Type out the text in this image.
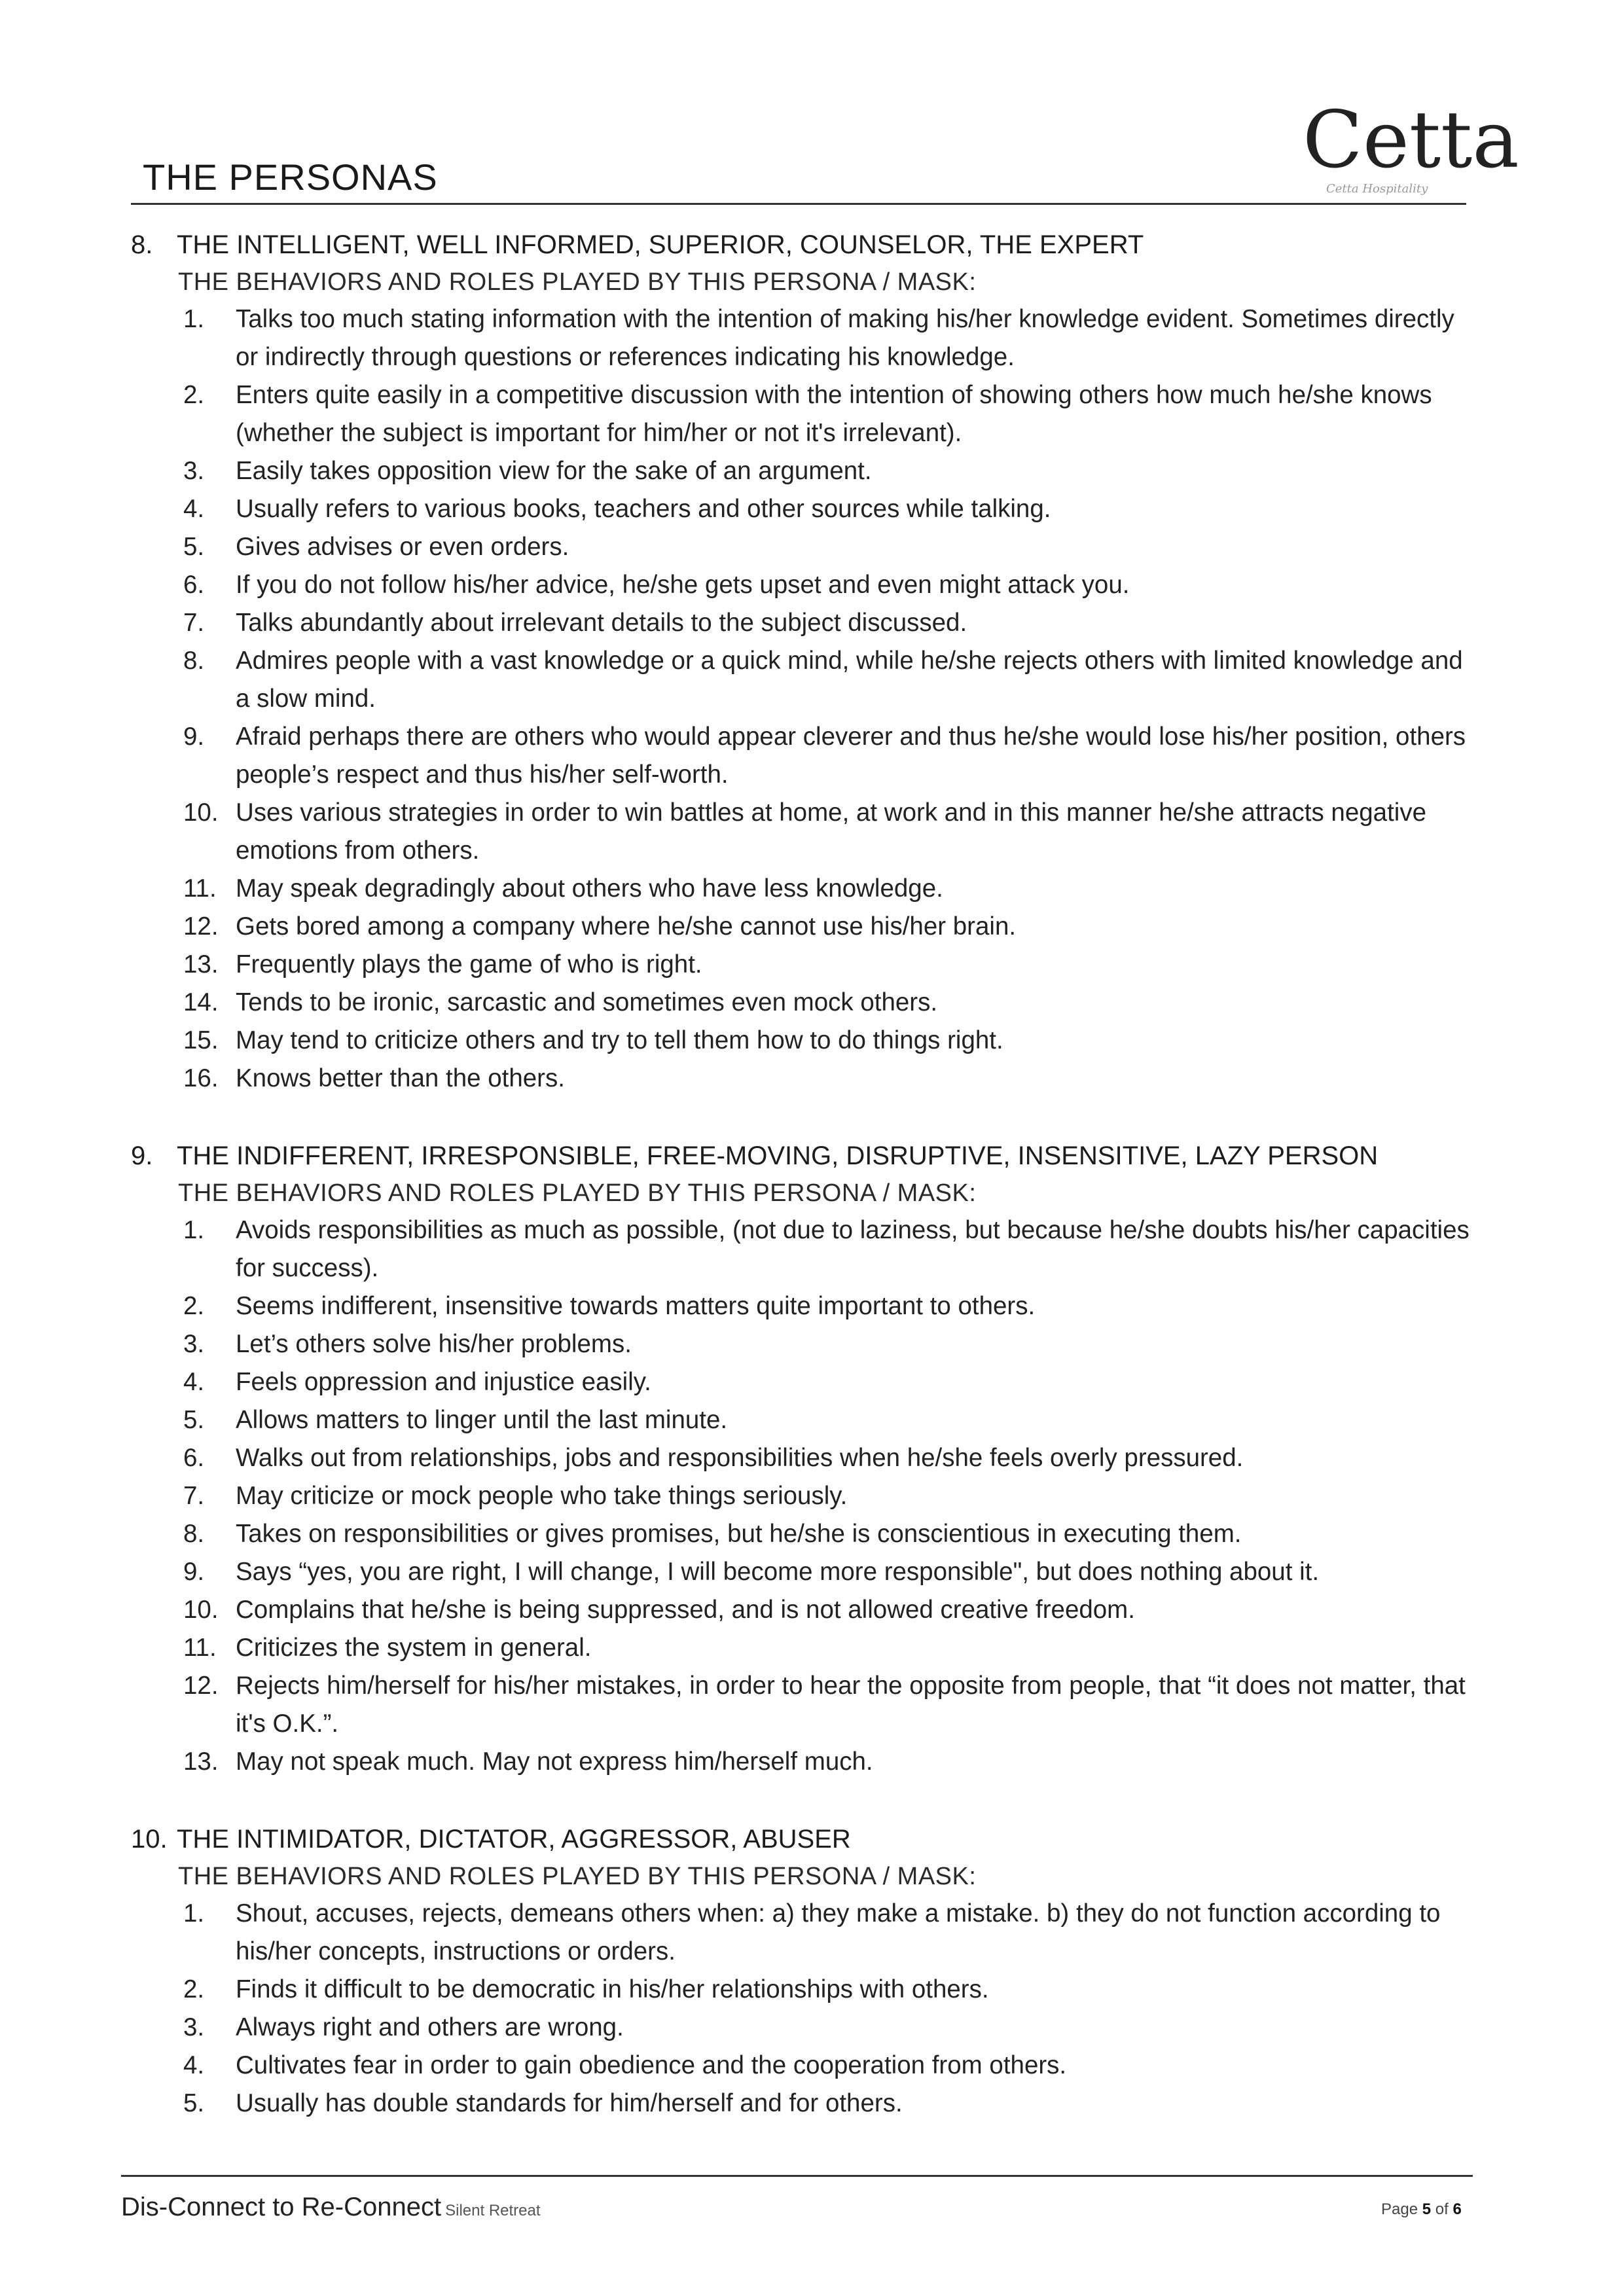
THE PERSONAS	Cetta
Cetta Hospitality
8. THE INTELLIGENT, WELL INFORMED, SUPERIOR, COUNSELOR, THE EXPERT
THE BEHAVIORS AND ROLES PLAYED BY THIS PERSONA / MASK:
1. Talks too much stating information with the intention of making his/her knowledge evident. Sometimes directly or indirectly through questions or references indicating his knowledge.
2. Enters quite easily in a competitive discussion with the intention of showing others how much he/she knows (whether the subject is important for him/her or not it's irrelevant).
3. Easily takes opposition view for the sake of an argument.
4. Usually refers to various books, teachers and other sources while talking.
5. Gives advises or even orders.
6. If you do not follow his/her advice, he/she gets upset and even might attack you.
7. Talks abundantly about irrelevant details to the subject discussed.
8. Admires people with a vast knowledge or a quick mind, while he/she rejects others with limited knowledge and a slow mind.
9. Afraid perhaps there are others who would appear cleverer and thus he/she would lose his/her position, others people’s respect and thus his/her self-worth.
10. Uses various strategies in order to win battles at home, at work and in this manner he/she attracts negative emotions from others.
11. May speak degradingly about others who have less knowledge.
12. Gets bored among a company where he/she cannot use his/her brain.
13. Frequently plays the game of who is right.
14. Tends to be ironic, sarcastic and sometimes even mock others.
15. May tend to criticize others and try to tell them how to do things right.
16. Knows better than the others.
9. THE INDIFFERENT, IRRESPONSIBLE, FREE-MOVING, DISRUPTIVE, INSENSITIVE, LAZY PERSON
THE BEHAVIORS AND ROLES PLAYED BY THIS PERSONA / MASK:
1. Avoids responsibilities as much as possible, (not due to laziness, but because he/she doubts his/her capacities for success).
2. Seems indifferent, insensitive towards matters quite important to others.
3. Let’s others solve his/her problems.
4. Feels oppression and injustice easily.
5. Allows matters to linger until the last minute.
6. Walks out from relationships, jobs and responsibilities when he/she feels overly pressured.
7. May criticize or mock people who take things seriously.
8. Takes on responsibilities or gives promises, but he/she is conscientious in executing them.
9. Says “yes, you are right, I will change, I will become more responsible", but does nothing about it.
10. Complains that he/she is being suppressed, and is not allowed creative freedom.
11. Criticizes the system in general.
12. Rejects him/herself for his/her mistakes, in order to hear the opposite from people, that “it does not matter, that it's O.K.”.
13. May not speak much. May not express him/herself much.
10. THE INTIMIDATOR, DICTATOR, AGGRESSOR, ABUSER
THE BEHAVIORS AND ROLES PLAYED BY THIS PERSONA / MASK:
1. Shout, accuses, rejects, demeans others when: a) they make a mistake. b) they do not function according to his/her concepts, instructions or orders.
2. Finds it difficult to be democratic in his/her relationships with others.
3. Always right and others are wrong.
4. Cultivates fear in order to gain obedience and the cooperation from others.
5. Usually has double standards for him/herself and for others.
Dis-Connect to Re-Connect Silent Retreat	Page 5 of 6
